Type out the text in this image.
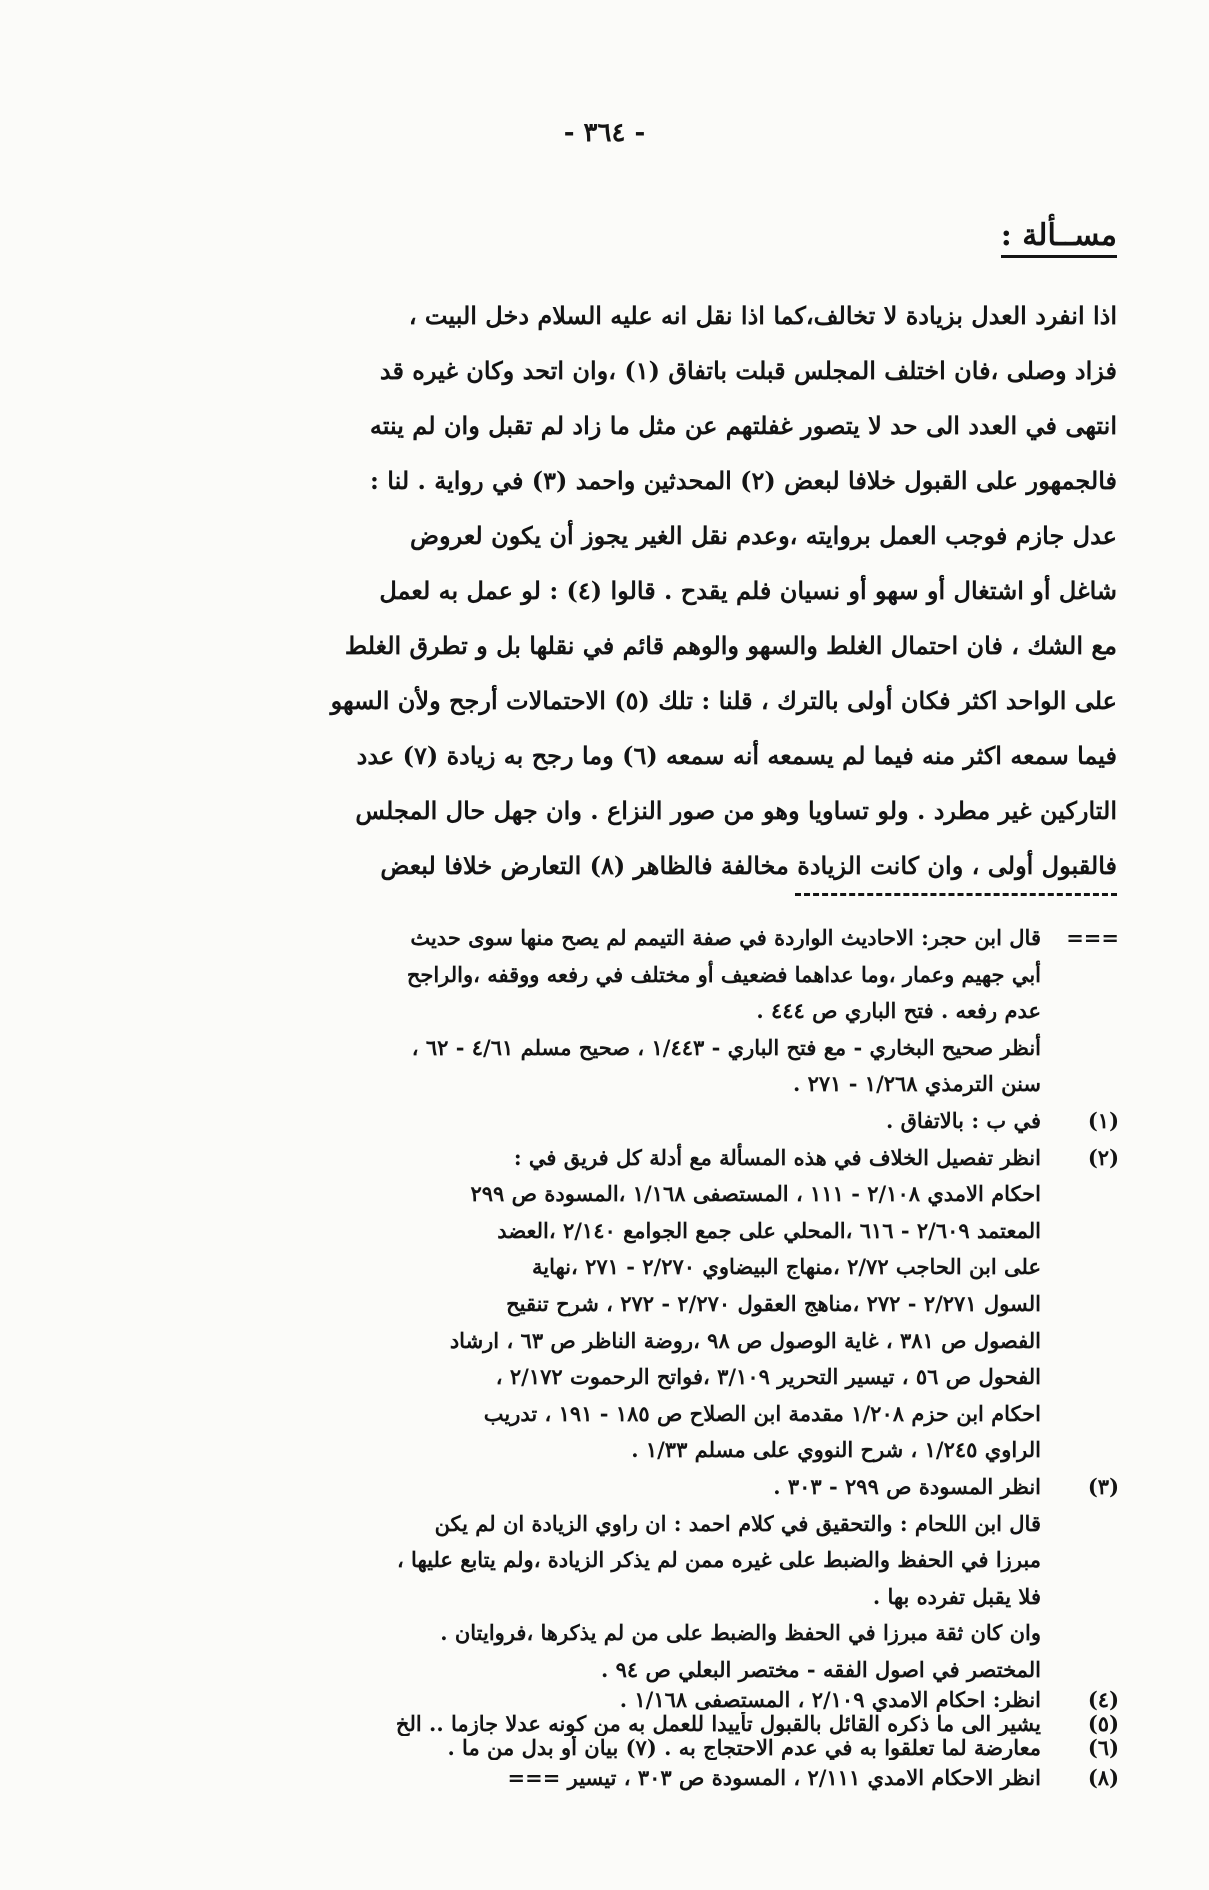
- ٣٦٤ -
مســألة :

اذا انفرد العدل بزيادة لا تخالف،كما اذا نقل انه عليه السلام دخل البيت ،

فزاد وصلى ،فان اختلف المجلس قبلت باتفاق (١) ،وان اتحد وكان غيره قد

انتهى في العدد الى حد لا يتصور غفلتهم عن مثل ما زاد لم تقبل وان لم ينته

فالجمهور على القبول خلافا لبعض (٢) المحدثين واحمد (٣) في رواية . لنا :

عدل جازم فوجب العمل بروايته ،وعدم نقل الغير يجوز أن يكون لعروض

شاغل أو اشتغال أو سهو أو نسيان فلم يقدح . قالوا (٤) : لو عمل به لعمل

مع الشك ، فان احتمال الغلط والسهو والوهم قائم في نقلها بل و تطرق الغلط

على الواحد اكثر فكان أولى بالترك ، قلنا : تلك (٥) الاحتمالات أرجح ولأن السهو

فيما سمعه اكثر منه فيما لم يسمعه أنه سمعه (٦) وما رجح به زيادة (٧) عدد

التاركين غير مطرد . ولو تساويا وهو من صور النزاع . وان جهل حال المجلس

فالقبول أولى ، وان كانت الزيادة مخالفة فالظاهر (٨) التعارض خلافا لبعض

===
قال ابن حجر: الاحاديث الواردة في صفة التيمم لم يصح منها سوى حديث
أبي جهيم وعمار ،وما عداهما فضعيف أو مختلف في رفعه ووقفه ،والراجح
عدم رفعه . فتح الباري ص ٤٤٤ .
أنظر صحيح البخاري - مع فتح الباري - ١/٤٤٣ ، صحيح مسلم ٤/٦١ - ٦٢ ،
سنن الترمذي ١/٢٦٨ - ٢٧١ .
(١)
في ب : بالاتفاق .
(٢)
انظر تفصيل الخلاف في هذه المسألة مع أدلة كل فريق في :
احكام الامدي ٢/١٠٨ - ١١١ ، المستصفى ١/١٦٨ ،المسودة ص ٢٩٩
المعتمد ٢/٦٠٩ - ٦١٦ ،المحلي على جمع الجوامع ٢/١٤٠ ،العضد
على ابن الحاجب ٢/٧٢ ،منهاج البيضاوي ٢/٢٧٠ - ٢٧١ ،نهاية
السول ٢/٢٧١ - ٢٧٢ ،مناهج العقول ٢/٢٧٠ - ٢٧٢ ، شرح تنقيح
الفصول ص ٣٨١ ، غاية الوصول ص ٩٨ ،روضة الناظر ص ٦٣ ، ارشاد
الفحول ص ٥٦ ، تيسير التحرير ٣/١٠٩ ،فواتح الرحموت ٢/١٧٢ ،
احكام ابن حزم ١/٢٠٨ مقدمة ابن الصلاح ص ١٨٥ - ١٩١ ، تدريب
الراوي ١/٢٤٥ ، شرح النووي على مسلم ١/٣٣ .
(٣)
انظر المسودة ص ٢٩٩ - ٣٠٣ .
قال ابن اللحام : والتحقيق في كلام احمد : ان راوي الزيادة ان لم يكن
مبرزا في الحفظ والضبط على غيره ممن لم يذكر الزيادة ،ولم يتابع عليها ،
فلا يقبل تفرده بها .
وان كان ثقة مبرزا في الحفظ والضبط على من لم يذكرها ،فروايتان .
المختصر في اصول الفقه - مختصر البعلي ص ٩٤ .
(٤)
انظر: احكام الامدي ٢/١٠٩ ، المستصفى ١/١٦٨ .
(٥)
يشير الى ما ذكره القائل بالقبول تأييدا للعمل به من كونه عدلا جازما .. الخ
(٦)
معارضة لما تعلقوا به في عدم الاحتجاج به . (٧) بيان أو بدل من ما .
(٨)
انظر الاحكام الامدي ٢/١١١ ، المسودة ص ٣٠٣ ، تيسير ===
